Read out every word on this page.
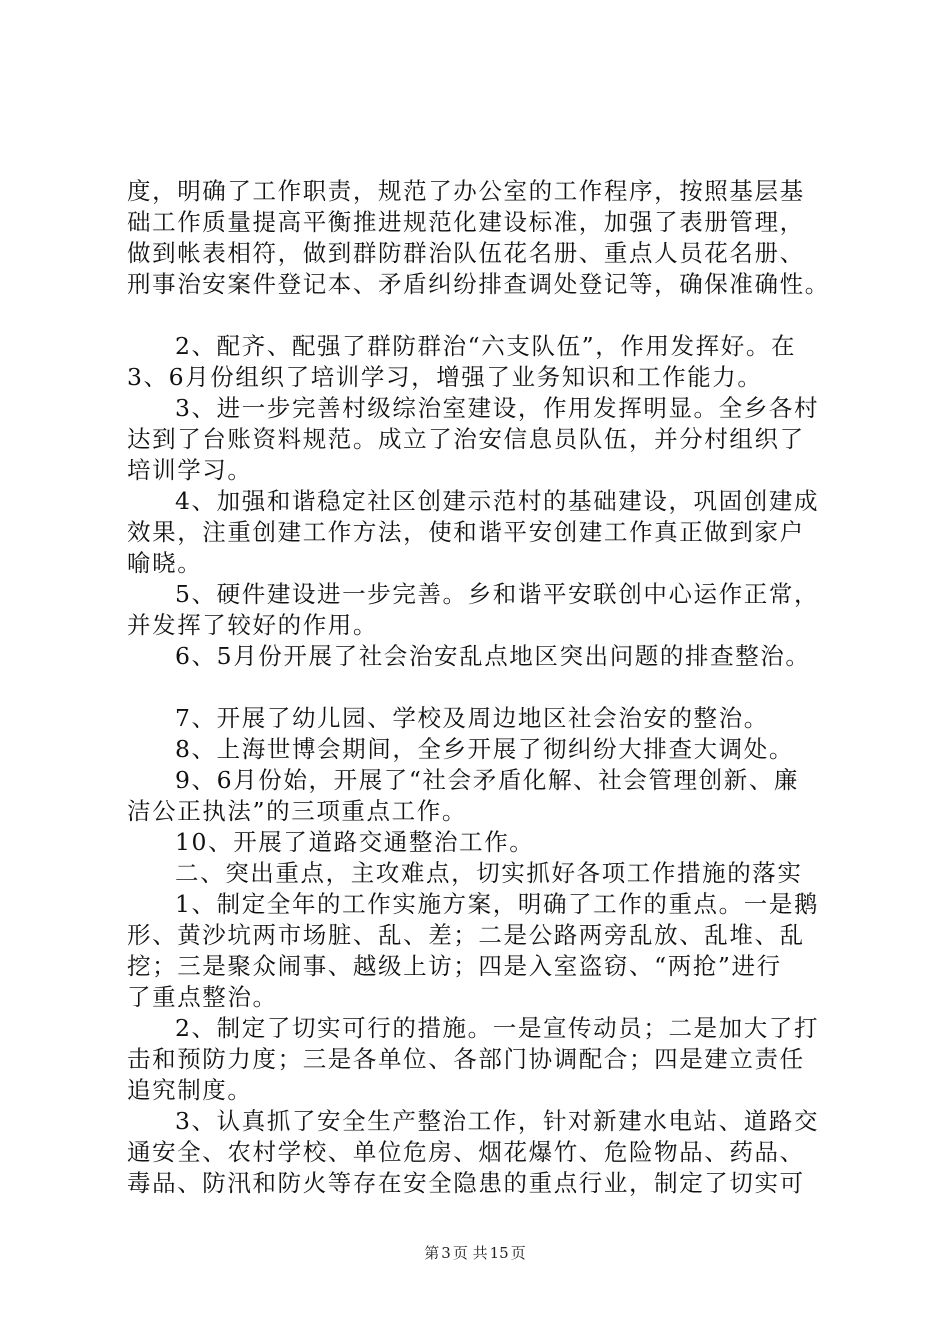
度，明确了工作职责，规范了办公室的工作程序，按照基层基
础工作质量提高平衡推进规范化建设标准，加强了表册管理，
做到帐表相符，做到群防群治队伍花名册、重点人员花名册、
刑事治安案件登记本、矛盾纠纷排查调处登记等，确保准确性。
2、配齐、配强了群防群治“六支队伍”，作用发挥好。在
3、6月份组织了培训学习，增强了业务知识和工作能力。
3、进一步完善村级综治室建设，作用发挥明显。全乡各村
达到了台账资料规范。成立了治安信息员队伍，并分村组织了
培训学习。
4、加强和谐稳定社区创建示范村的基础建设，巩固创建成
效果，注重创建工作方法，使和谐平安创建工作真正做到家户
喻晓。
5、硬件建设进一步完善。乡和谐平安联创中心运作正常，
并发挥了较好的作用。
6、5月份开展了社会治安乱点地区突出问题的排查整治。
7、开展了幼儿园、学校及周边地区社会治安的整治。
8、上海世博会期间，全乡开展了彻纠纷大排查大调处。
9、6月份始，开展了“社会矛盾化解、社会管理创新、廉
洁公正执法”的三项重点工作。
10、开展了道路交通整治工作。
二、突出重点，主攻难点，切实抓好各项工作措施的落实
1、制定全年的工作实施方案，明确了工作的重点。一是鹅
形、黄沙坑两市场脏、乱、差；二是公路两旁乱放、乱堆、乱
挖；三是聚众闹事、越级上访；四是入室盗窃、“两抢”进行
了重点整治。
2、制定了切实可行的措施。一是宣传动员；二是加大了打
击和预防力度；三是各单位、各部门协调配合；四是建立责任
追究制度。
3、认真抓了安全生产整治工作，针对新建水电站、道路交
通安全、农村学校、单位危房、烟花爆竹、危险物品、药品、
毒品、防汛和防火等存在安全隐患的重点行业，制定了切实可
第 3 页 共 15 页
